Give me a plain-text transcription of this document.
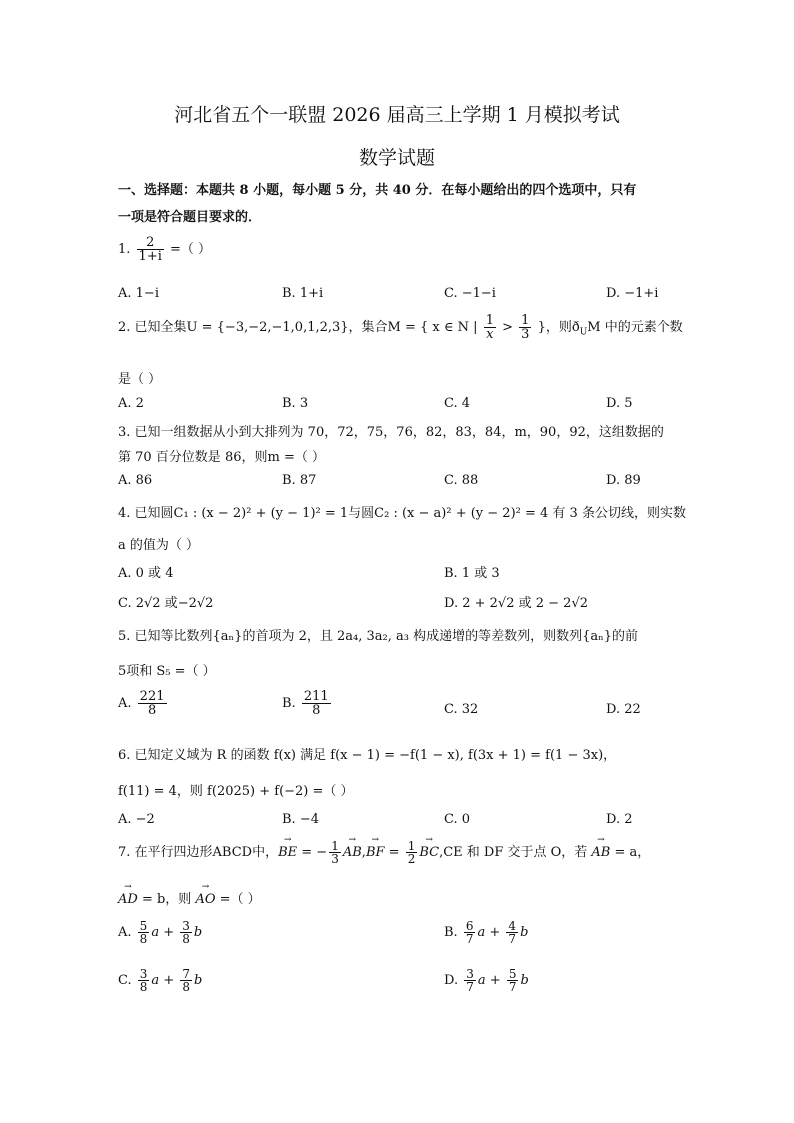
河北省五个一联盟 2026 届高三上学期 1 月模拟考试
数学试题
一、选择题：本题共 8 小题，每小题 5 分，共 40 分．在每小题给出的四个选项中，只有
一项是符合题目要求的．
1. $\frac{2}{1+i}$ =（ ）
A. 1−i	B. 1+i	C. −1−i	D. −1+i
2. 已知全集U = {−3,−2,−1,0,1,2,3}，集合M = { x ∈ N | $\frac{1}{x} > \frac{1}{3}$ }，则$ð_UM$ 中的元素个数
是（ ）
A. 2	B. 3	C. 4	D. 5
3. 已知一组数据从小到大排列为 70，72，75，76，82，83，84，m，90，92，这组数据的
第 70 百分位数是 86，则m =（ ）
A. 86	B. 87	C. 88	D. 89
4. 已知圆C₁ : (x − 2)² + (y − 1)² = 1与圆C₂ : (x − a)² + (y − 2)² = 4 有 3 条公切线，则实数
a 的值为（ ）
A. 0 或 4	B. 1 或 3
C. 2√2 或−2√2	D. 2 + 2√2 或 2 − 2√2
5. 已知等比数列{aₙ}的首项为 2，且 2a₄, 3a₂, a₃ 构成递增的等差数列，则数列{aₙ}的前
5项和 S₅ =（ ）
A. $\frac{221}{8}$	B. $\frac{211}{8}$	C. 32	D. 22
6. 已知定义域为 R 的函数 f(x) 满足 f(x − 1) = −f(1 − x), f(3x + 1) = f(1 − 3x)，
f(11) = 4，则 f(2025) + f(−2) =（ ）
A. −2	B. −4	C. 0	D. 2
7. 在平行四边形ABCD中，→ BE = − $\frac{1}{3}$
→ AB,→ BF = $\frac{1}{2}$
→ BC,CE 和 DF 交于点 O，若 → AB = a，
→ AD = b，则 → AO =（ ）
A. $\frac{5}{8}$ $a + \frac{3}{8}$ b	B. $\frac{6}{7}$ $a + \frac{4}{7}$ b
C. $\frac{3}{8}$ $a + \frac{7}{8}$ b	D. $\frac{3}{7}$ $a + \frac{5}{7}$ b
